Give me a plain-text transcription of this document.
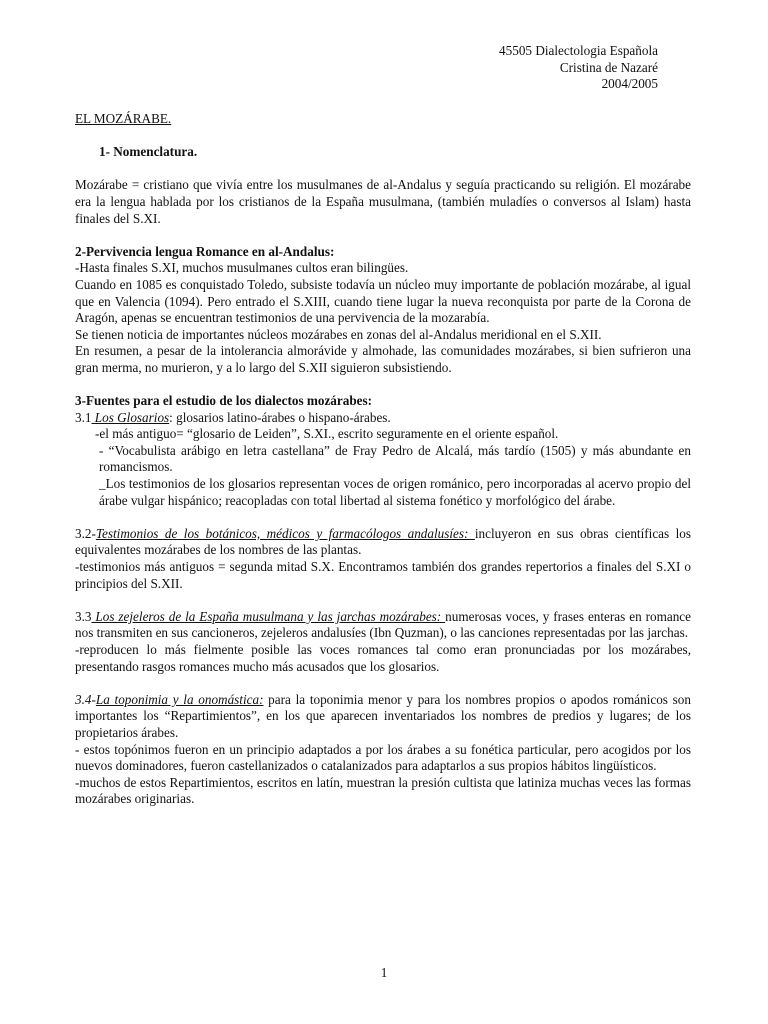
45505 Dialectologia Española
Cristina de Nazaré
2004/2005

EL MOZÁRABE.

1- Nomenclatura.

Mozárabe = cristiano que vivía entre los musulmanes de al-Andalus y seguía practicando su religión. El mozárabe era la lengua hablada por los cristianos de la España musulmana, (también muladíes o conversos al Islam) hasta finales del S.XI.

2-Pervivencia lengua Romance en al-Andalus:

-Hasta finales S.XI, muchos musulmanes cultos eran bilingües.

Cuando en 1085 es conquistado Toledo, subsiste todavía un núcleo muy importante de población mozárabe, al igual que en Valencia (1094). Pero entrado el S.XIII, cuando tiene lugar la nueva reconquista por parte de la Corona de Aragón, apenas se encuentran testimonios de una pervivencia de la mozarabía.

Se tienen noticia de importantes núcleos mozárabes en zonas del al-Andalus meridional en el S.XII.

En resumen, a pesar de la intolerancia almorávide y almohade, las comunidades mozárabes, si bien sufrieron una gran merma, no murieron, y a lo largo del S.XII siguieron subsistiendo.

3-Fuentes para el estudio de los dialectos mozárabes:

3.1 Los Glosarios: glosarios latino-árabes o hispano-árabes.

-el más antiguo= “glosario de Leiden”, S.XI., escrito seguramente en el oriente español.

- “Vocabulista arábigo en letra castellana” de Fray Pedro de Alcalá, más tardío (1505) y más abundante en romancismos.

_Los testimonios de los glosarios representan voces de origen románico, pero incorporadas al acervo propio del árabe vulgar hispánico; reacopladas con total libertad al sistema fonético y morfológico del árabe.

3.2-Testimonios de los botánicos, médicos y farmacólogos andalusíes: incluyeron en sus obras científicas los equivalentes mozárabes de los nombres de las plantas.

-testimonios más antiguos = segunda mitad S.X. Encontramos también dos grandes repertorios a finales del S.XI o principios del S.XII.

3.3 Los zejeleros de la España musulmana y las jarchas mozárabes: numerosas voces, y frases enteras en romance nos transmiten en sus cancioneros, zejeleros andalusíes (Ibn Quzman), o las canciones representadas por las jarchas.

-reproducen lo más fielmente posible las voces romances tal como eran pronunciadas por los mozárabes, presentando rasgos romances mucho más acusados que los glosarios.

3.4-La toponimia y la onomástica: para la toponimia menor y para los nombres propios o apodos románicos son importantes los “Repartimientos”, en los que aparecen inventariados los nombres de predios y lugares; de los propietarios árabes.

- estos topónimos fueron en un principio adaptados a por los árabes a su fonética particular, pero acogidos por los nuevos dominadores, fueron castellanizados o catalanizados para adaptarlos a sus propios hábitos lingüísticos.

-muchos de estos Repartimientos, escritos en latín, muestran la presión cultista que latiniza muchas veces las formas mozárabes originarias.

1
